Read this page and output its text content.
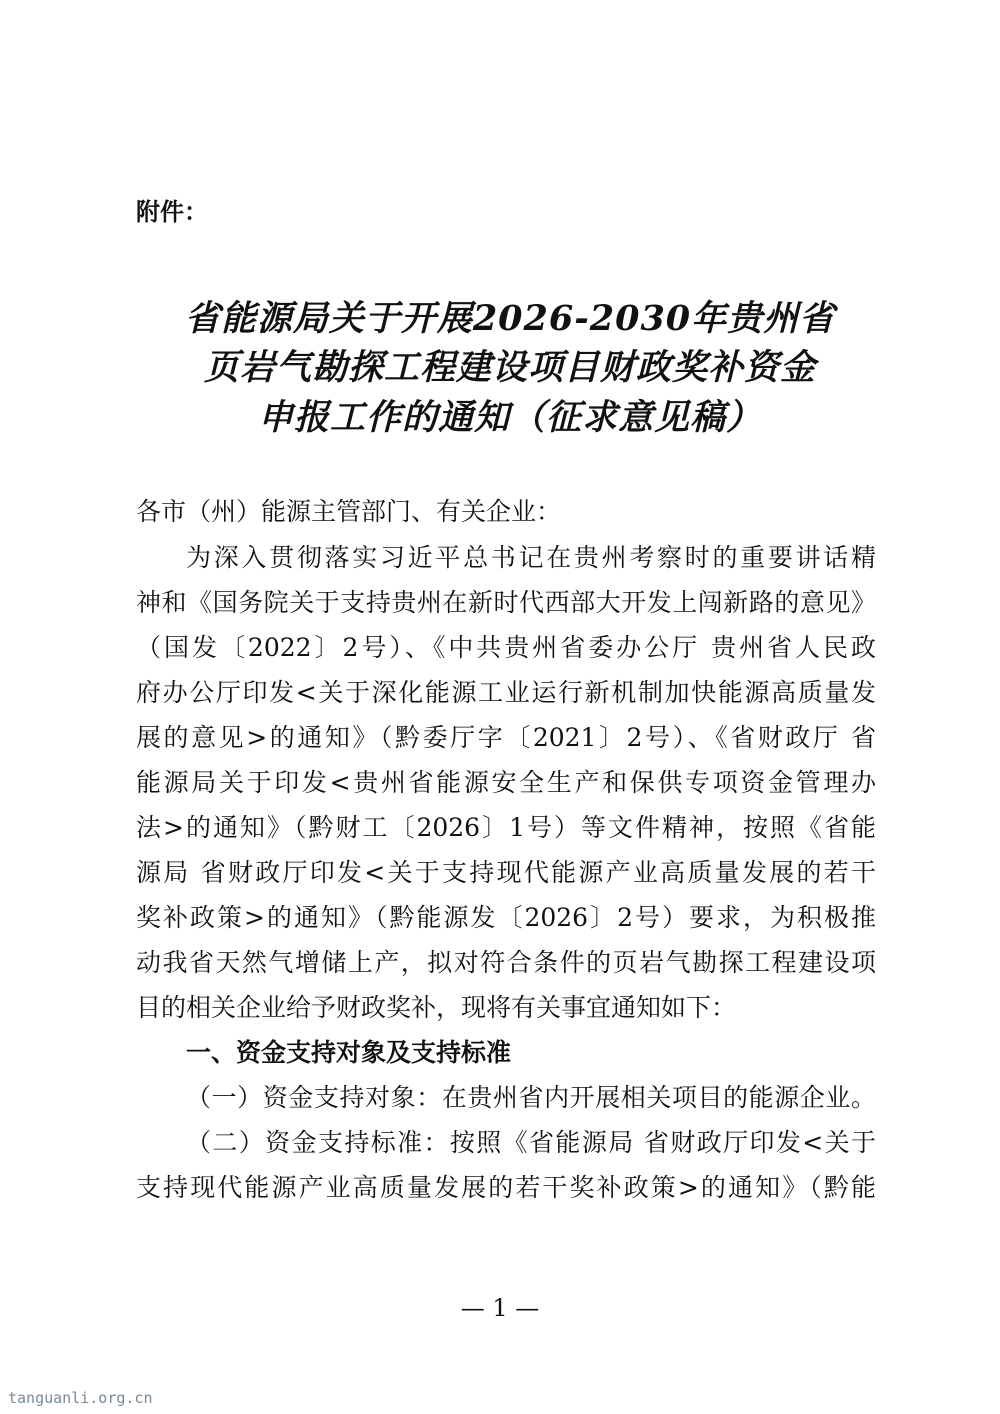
附件：
省能源局关于开展2026-2030年贵州省
页岩气勘探工程建设项目财政奖补资金
申报工作的通知（征求意见稿）
各市（州）能源主管部门、有关企业：
为深入贯彻落实习近平总书记在贵州考察时的重要讲话精
神和《国务院关于支持贵州在新时代西部大开发上闯新路的意见》
（国发〔2022〕2号）、《中共贵州省委办公厅 贵州省人民政
府办公厅印发<关于深化能源工业运行新机制加快能源高质量发
展的意见>的通知》（黔委厅字〔2021〕2号）、《省财政厅 省
能源局关于印发<贵州省能源安全生产和保供专项资金管理办
法>的通知》（黔财工〔2026〕1号）等文件精神，按照《省能
源局 省财政厅印发<关于支持现代能源产业高质量发展的若干
奖补政策>的通知》（黔能源发〔2026〕2号）要求，为积极推
动我省天然气增储上产，拟对符合条件的页岩气勘探工程建设项
目的相关企业给予财政奖补，现将有关事宜通知如下：
一、资金支持对象及支持标准
（一）资金支持对象：在贵州省内开展相关项目的能源企业。
（二）资金支持标准：按照《省能源局 省财政厅印发<关于
支持现代能源产业高质量发展的若干奖补政策>的通知》（黔能
— 1 —
tanguanli.org.cn
